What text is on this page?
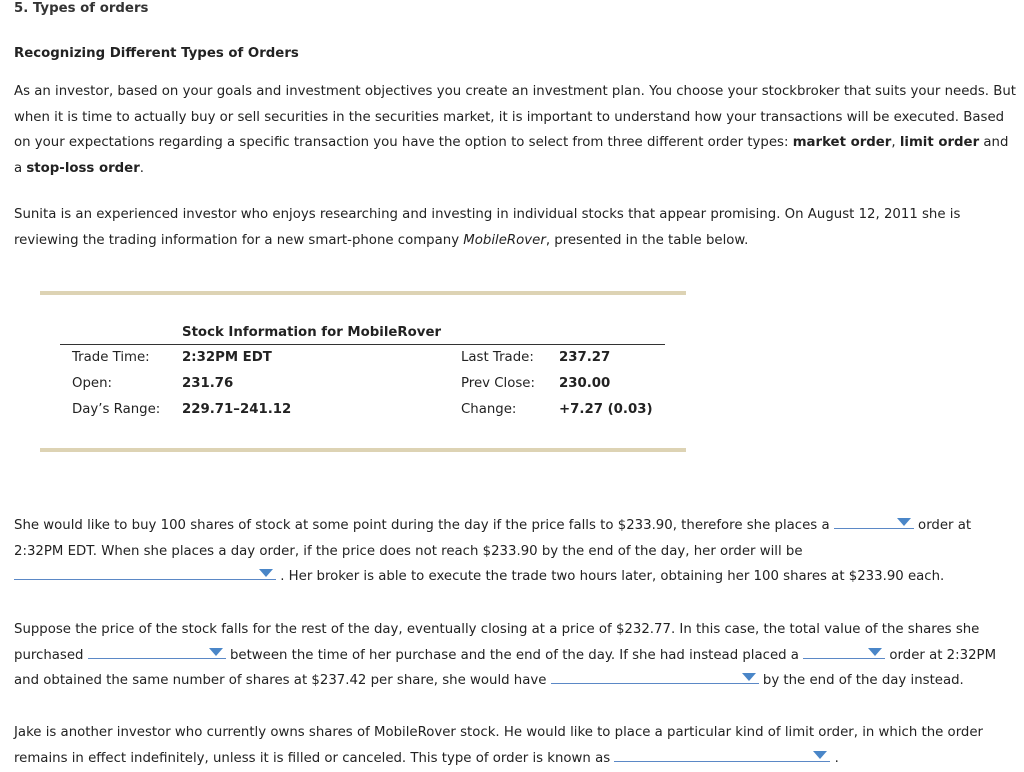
5. Types of orders
Recognizing Different Types of Orders
As an investor, based on your goals and investment objectives you create an investment plan. You choose your stockbroker that suits your needs. But when it is time to actually buy or sell securities in the securities market, it is important to understand how your transactions will be executed. Based on your expectations regarding a specific transaction you have the option to select from three different order types: market order, limit order and a stop-loss order.
Sunita is an experienced investor who enjoys researching and investing in individual stocks that appear promising. On August 12, 2011 she is reviewing the trading information for a new smart-phone company MobileRover, presented in the table below.
Stock Information for MobileRover
Trade Time: 2:32PM EDT	Last Trade: 237.27
Open:	231.76	Prev Close: 230.00
Day’s Range: 229.71–241.12	Change:	+7.27 (0.03)
She would like to buy 100 shares of stock at some point during the day if the price falls to $233.90, therefore she places a	order at 2:32PM EDT. When she places a day order, if the price does not reach $233.90 by the end of the day, her order will be
. Her broker is able to execute the trade two hours later, obtaining her 100 shares at $233.90 each.
Suppose the price of the stock falls for the rest of the day, eventually closing at a price of $232.77. In this case, the total value of the shares she purchased	between the time of her purchase and the end of the day. If she had instead placed a	order at 2:32PM and obtained the same number of shares at $237.42 per share, she would have	by the end of the day instead.
Jake is another investor who currently owns shares of MobileRover stock. He would like to place a particular kind of limit order, in which the order remains in effect indefinitely, unless it is filled or canceled. This type of order is known as	.
